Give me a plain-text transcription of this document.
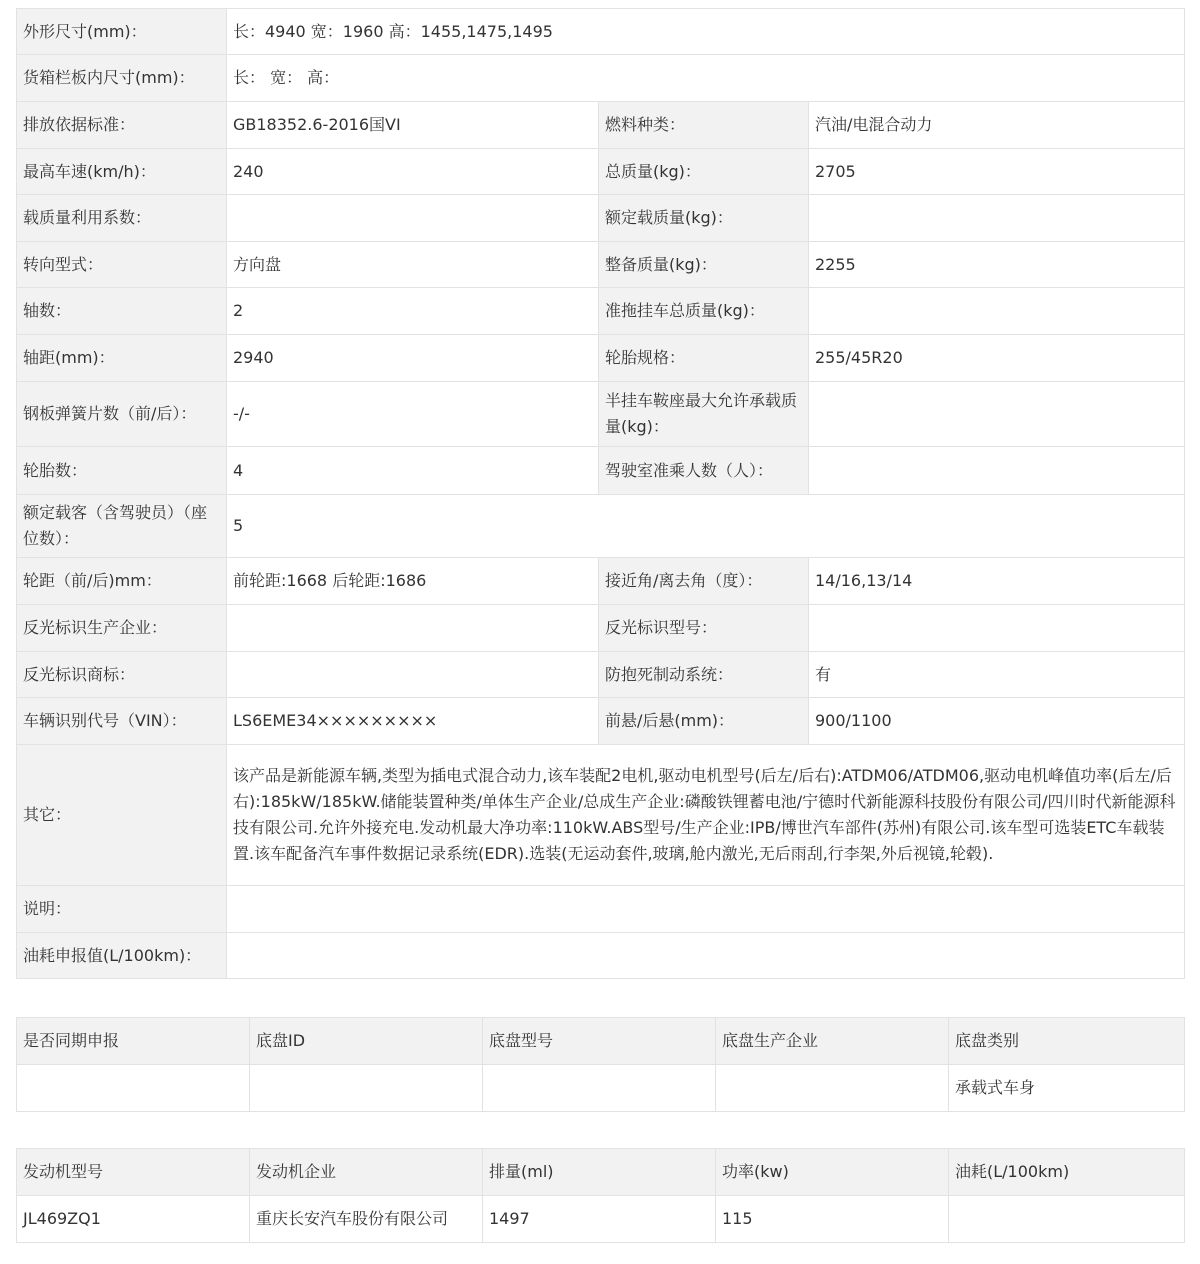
外形尺寸(mm)：	长：4940 宽：1960 高：1455,1475,1495		
货箱栏板内尺寸(mm)：	长： 宽： 高：		
排放依据标准：	GB18352.6-2016国VI	燃料种类：	汽油/电混合动力
最高车速(km/h)：	240	总质量(kg)：	2705
载质量利用系数：		额定载质量(kg)：	
转向型式：	方向盘	整备质量(kg)：	2255
轴数：	2	准拖挂车总质量(kg)：	
轴距(mm)：	2940	轮胎规格：	255/45R20
钢板弹簧片数（前/后）：	-/-	半挂车鞍座最大允许承载质量(kg)：	
轮胎数：	4	驾驶室准乘人数（人）：	
额定载客（含驾驶员）（座位数）：	5		
轮距（前/后)mm：	前轮距:1668 后轮距:1686	接近角/离去角（度）：	14/16,13/14
反光标识生产企业：		反光标识型号：	
反光标识商标：		防抱死制动系统：	有
车辆识别代号（VIN）：	LS6EME34×××××××××	前悬/后悬(mm)：	900/1100
其它：	该产品是新能源车辆,类型为插电式混合动力,该车装配2电机,驱动电机型号(后左/后右):ATDM06/ATDM06,驱动电机峰值功率(后左/后右):185kW/185kW.储能装置种类/单体生产企业/总成生产企业:磷酸铁锂蓄电池/宁德时代新能源科技股份有限公司/四川时代新能源科技有限公司.允许外接充电.发动机最大净功率:110kW.ABS型号/生产企业:IPB/博世汽车部件(苏州)有限公司.该车型可选装ETC车载装置.该车配备汽车事件数据记录系统(EDR).选装(无运动套件,玻璃,舱内激光,无后雨刮,行李架,外后视镜,轮毂).		
说明：			
油耗申报值(L/100km)：			
是否同期申报	底盘ID	底盘型号	底盘生产企业	底盘类别
				承载式车身
发动机型号	发动机企业	排量(ml)	功率(kw)	油耗(L/100km)
JL469ZQ1	重庆长安汽车股份有限公司	1497	115	
